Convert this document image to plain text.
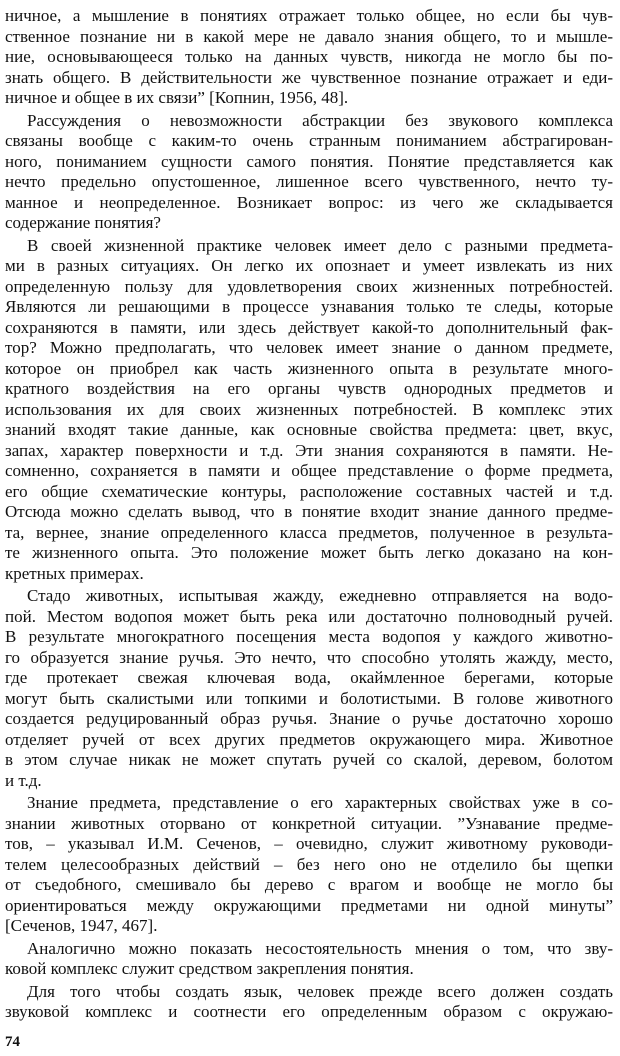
ничное, а мышление в понятиях отражает только общее, но если бы чув-
ственное познание ни в какой мере не давало знания общего, то и мышле-
ние, основывающееся только на данных чувств, никогда не могло бы по-
знать общего. В действительности же чувственное познание отражает и еди-
ничное и общее в их связи” [Копнин, 1956, 48].
Рассуждения о невозможности абстракции без звукового комплекса
связаны вообще с каким-то очень странным пониманием абстрагирован-
ного, пониманием сущности самого понятия. Понятие представляется как
нечто предельно опустошенное, лишенное всего чувственного, нечто ту-
манное и неопределенное. Возникает вопрос: из чего же складывается
содержание понятия?
В своей жизненной практике человек имеет дело с разными предмета-
ми в разных ситуациях. Он легко их опознает и умеет извлекать из них
определенную пользу для удовлетворения своих жизненных потребностей.
Являются ли решающими в процессе узнавания только те следы, которые
сохраняются в памяти, или здесь действует какой-то дополнительный фак-
тор? Можно предполагать, что человек имеет знание о данном предмете,
которое он приобрел как часть жизненного опыта в результате много-
кратного воздействия на его органы чувств однородных предметов и
использования их для своих жизненных потребностей. В комплекс этих
знаний входят такие данные, как основные свойства предмета: цвет, вкус,
запах, характер поверхности и т.д. Эти знания сохраняются в памяти. Не-
сомненно, сохраняется в памяти и общее представление о форме предмета,
его общие схематические контуры, расположение составных частей и т.д.
Отсюда можно сделать вывод, что в понятие входит знание данного предме-
та, вернее, знание определенного класса предметов, полученное в результа-
те жизненного опыта. Это положение может быть легко доказано на кон-
кретных примерах.
Стадо животных, испытывая жажду, ежедневно отправляется на водо-
пой. Местом водопоя может быть река или достаточно полноводный ручей.
В результате многократного посещения места водопоя у каждого животно-
го образуется знание ручья. Это нечто, что способно утолять жажду, место,
где протекает свежая ключевая вода, окаймленное берегами, которые
могут быть скалистыми или топкими и болотистыми. В голове животного
создается редуцированный образ ручья. Знание о ручье достаточно хорошо
отделяет ручей от всех других предметов окружающего мира. Животное
в этом случае никак не может спутать ручей со скалой, деревом, болотом
и т.д.
Знание предмета, представление о его характерных свойствах уже в со-
знании животных оторвано от конкретной ситуации. ”Узнавание предме-
тов, – указывал И.М. Сеченов, – очевидно, служит животному руководи-
телем целесообразных действий – без него оно не отделило бы щепки
от съедобного, смешивало бы дерево с врагом и вообще не могло бы
ориентироваться между окружающими предметами ни одной минуты”
[Сеченов, 1947, 467].
Аналогично можно показать несостоятельность мнения о том, что зву-
ковой комплекс служит средством закрепления понятия.
Для того чтобы создать язык, человек прежде всего должен создать
звуковой комплекс и соотнести его определенным образом с окружаю-
74
